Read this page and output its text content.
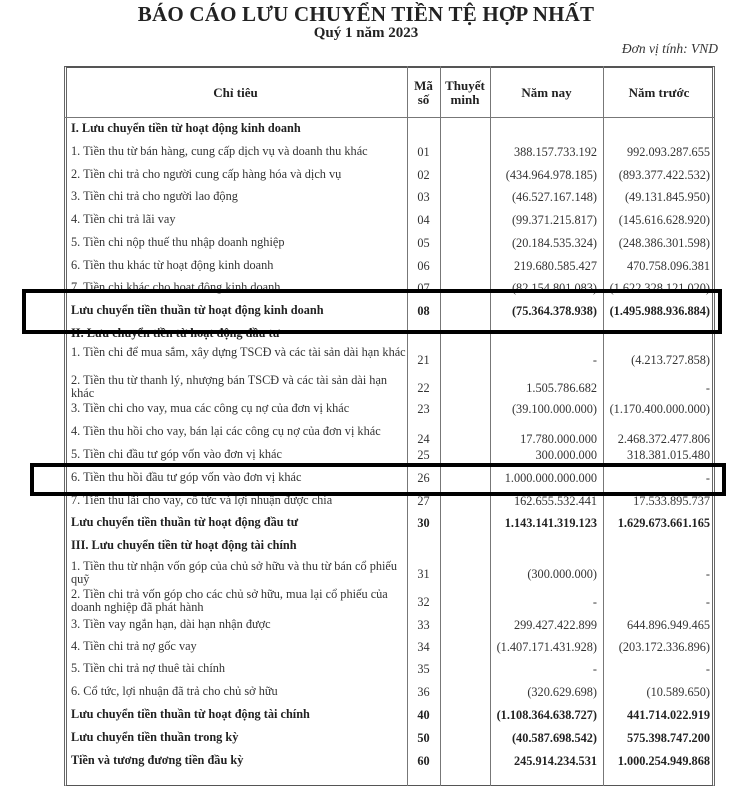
BÁO CÁO LƯU CHUYỂN TIỀN TỆ HỢP NHẤT
Quý 1 năm 2023
Đơn vị tính: VND
Chỉ tiêu	Mã
số
Thuyết
minh	Năm nay	Năm trước
I. Lưu chuyển tiền từ hoạt động kinh doanh
1. Tiền thu từ bán hàng, cung cấp dịch vụ và doanh thu khác	01	388.157.733.192	992.093.287.655
2. Tiền chi trả cho người cung cấp hàng hóa và dịch vụ	02	(434.964.978.185)	(893.377.422.532)
3. Tiền chi trả cho người lao động	03	(46.527.167.148)	(49.131.845.950)
4. Tiền chi trả lãi vay	04	(99.371.215.817)	(145.616.628.920)
5. Tiền chi nộp thuế thu nhập doanh nghiệp	05	(20.184.535.324)	(248.386.301.598)
6. Tiền thu khác từ hoạt động kinh doanh	06	219.680.585.427	470.758.096.381
7. Tiền chi khác cho hoạt động kinh doanh	07	(82.154.801.083)	(1.622.328.121.020)
Lưu chuyển tiền thuần từ hoạt động kinh doanh	08	(75.364.378.938)	(1.495.988.936.884)
II. Lưu chuyển tiền từ hoạt động đầu tư
1. Tiền chi để mua sắm, xây dựng TSCĐ và các tài sản dài hạn khác
21	-	(4.213.727.858)
2. Tiền thu từ thanh lý, nhượng bán TSCĐ và các tài sản dài hạn khác	22	1.505.786.682	-
3. Tiền chi cho vay, mua các công cụ nợ của đơn vị khác	23	(39.100.000.000)	(1.170.400.000.000)
4. Tiền thu hồi cho vay, bán lại các công cụ nợ của đơn vị khác
24	17.780.000.000	2.468.372.477.806
5. Tiền chi đầu tư góp vốn vào đơn vị khác	25	300.000.000	318.381.015.480
6. Tiền thu hồi đầu tư góp vốn vào đơn vị khác	26	1.000.000.000.000	-
7. Tiền thu lãi cho vay, cổ tức và lợi nhuận được chia	27	162.655.532.441	17.533.895.737
Lưu chuyển tiền thuần từ hoạt động đầu tư	30	1.143.141.319.123	1.629.673.661.165
III. Lưu chuyển tiền từ hoạt động tài chính
1. Tiền thu từ nhận vốn góp của chủ sở hữu và thu từ bán cổ phiếu quỹ	31	(300.000.000)	-
2. Tiền chi trả vốn góp cho các chủ sở hữu, mua lại cổ phiếu của doanh nghiệp đã phát hành	32	-	-
3. Tiền vay ngắn hạn, dài hạn nhận được	33	299.427.422.899	644.896.949.465
4. Tiền chi trả nợ gốc vay	34	(1.407.171.431.928)	(203.172.336.896)
5. Tiền chi trả nợ thuê tài chính	35	-	-
6. Cổ tức, lợi nhuận đã trả cho chủ sở hữu	36	(320.629.698)	(10.589.650)
Lưu chuyển tiền thuần từ hoạt động tài chính	40	(1.108.364.638.727)	441.714.022.919
Lưu chuyển tiền thuần trong kỳ	50	(40.587.698.542)	575.398.747.200
Tiền và tương đương tiền đầu kỳ	60	245.914.234.531	1.000.254.949.868
